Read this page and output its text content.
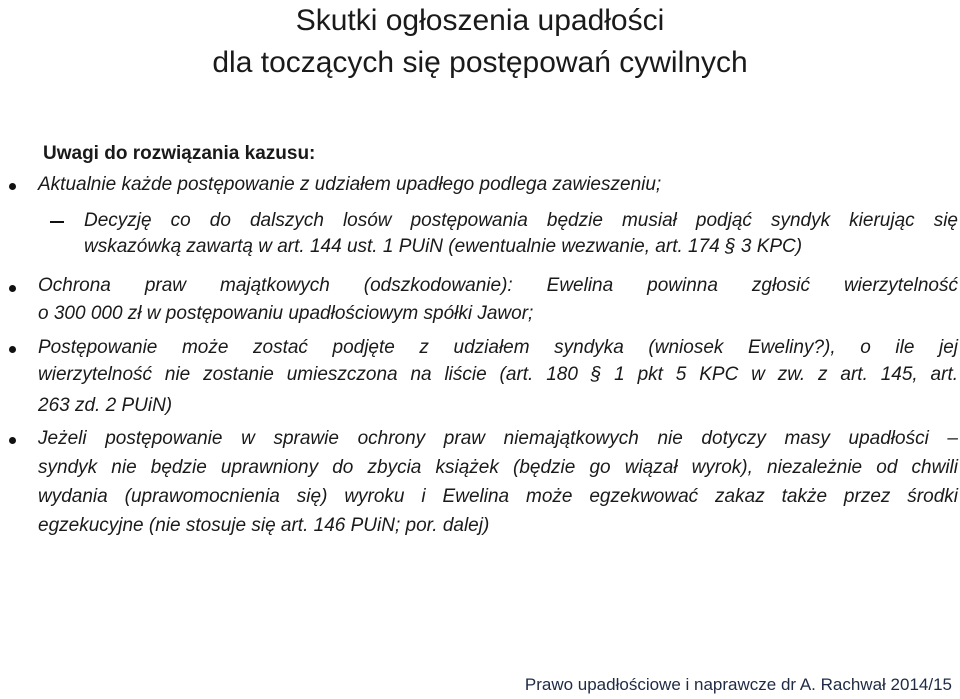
Skutki ogłoszenia upadłości
dla toczących się postępowań cywilnych
Uwagi do rozwiązania kazusu:
Aktualnie każde postępowanie z udziałem upadłego podlega zawieszeniu;
Decyzję co do dalszych losów postępowania będzie musiał podjąć syndyk kierując się
wskazówką zawartą w art. 144 ust. 1 PUiN (ewentualnie wezwanie, art. 174 § 3 KPC)
Ochrona praw majątkowych (odszkodowanie): Ewelina powinna zgłosić wierzytelność
o 300 000 zł w postępowaniu upadłościowym spółki Jawor;
Postępowanie może zostać podjęte z udziałem syndyka (wniosek Eweliny?), o ile jej
wierzytelność nie zostanie umieszczona na liście (art. 180 § 1 pkt 5 KPC w zw. z art. 145, art.
263 zd. 2 PUiN)
Jeżeli postępowanie w sprawie ochrony praw niemajątkowych nie dotyczy masy upadłości –
syndyk nie będzie uprawniony do zbycia książek (będzie go wiązał wyrok), niezależnie od chwili
wydania (uprawomocnienia się) wyroku i Ewelina może egzekwować zakaz także przez środki
egzekucyjne (nie stosuje się art. 146 PUiN; por. dalej)
Prawo upadłościowe i naprawcze dr A. Rachwał 2014/15
